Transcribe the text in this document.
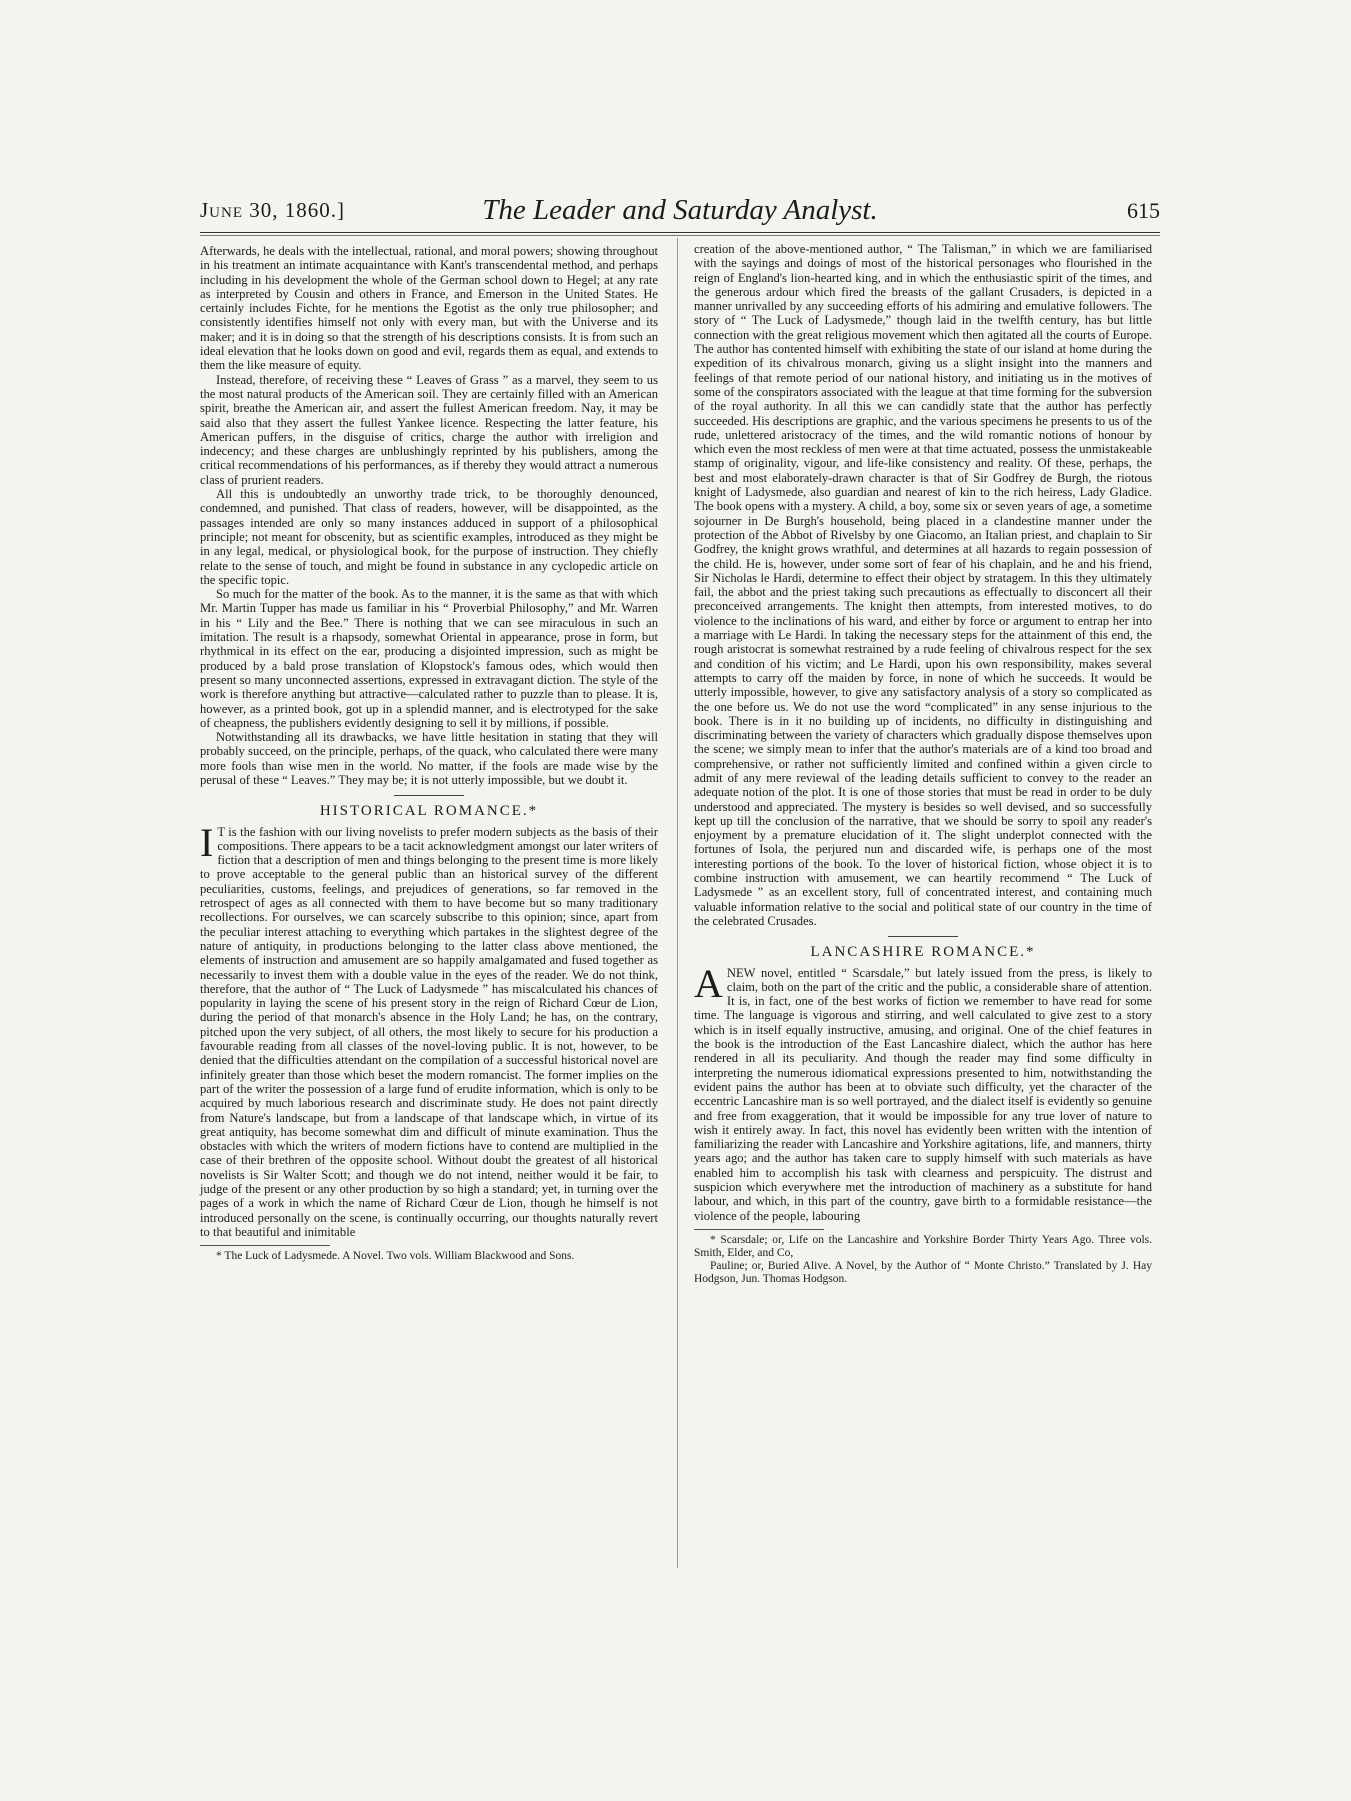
June 30, 1860.]	The Leader and Saturday Analyst.	615

Afterwards, he deals with the intellectual, rational, and moral powers; showing throughout in his treatment an intimate acquaintance with Kant's transcendental method, and perhaps including in his development the whole of the German school down to Hegel; at any rate as interpreted by Cousin and others in France, and Emerson in the United States. He certainly includes Fichte, for he mentions the Egotist as the only true philosopher; and consistently identifies himself not only with every man, but with the Universe and its maker; and it is in doing so that the strength of his descriptions consists. It is from such an ideal elevation that he looks down on good and evil, regards them as equal, and extends to them the like measure of equity.

Instead, therefore, of receiving these “ Leaves of Grass ” as a marvel, they seem to us the most natural products of the American soil. They are certainly filled with an American spirit, breathe the American air, and assert the fullest American freedom. Nay, it may be said also that they assert the fullest Yankee licence. Respecting the latter feature, his American puffers, in the disguise of critics, charge the author with irreligion and indecency; and these charges are unblushingly reprinted by his publishers, among the critical recommendations of his performances, as if thereby they would attract a numerous class of prurient readers.

All this is undoubtedly an unworthy trade trick, to be thoroughly denounced, condemned, and punished. That class of readers, however, will be disappointed, as the passages intended are only so many instances adduced in support of a philosophical principle; not meant for obscenity, but as scientific examples, introduced as they might be in any legal, medical, or physiological book, for the purpose of instruction. They chiefly relate to the sense of touch, and might be found in substance in any cyclopedic article on the specific topic.

So much for the matter of the book. As to the manner, it is the same as that with which Mr. Martin Tupper has made us familiar in his “ Proverbial Philosophy,” and Mr. Warren in his “ Lily and the Bee.” There is nothing that we can see miraculous in such an imitation. The result is a rhapsody, somewhat Oriental in appearance, prose in form, but rhythmical in its effect on the ear, producing a disjointed impression, such as might be produced by a bald prose translation of Klopstock's famous odes, which would then present so many unconnected assertions, expressed in extravagant diction. The style of the work is therefore anything but attractive—calculated rather to puzzle than to please. It is, however, as a printed book, got up in a splendid manner, and is electrotyped for the sake of cheapness, the publishers evidently designing to sell it by millions, if possible.

Notwithstanding all its drawbacks, we have little hesitation in stating that they will probably succeed, on the principle, perhaps, of the quack, who calculated there were many more fools than wise men in the world. No matter, if the fools are made wise by the perusal of these “ Leaves.” They may be; it is not utterly impossible, but we doubt it.

HISTORICAL ROMANCE.*

I T is the fashion with our living novelists to prefer modern subjects as the basis of their compositions. There appears to be a tacit acknowledgment amongst our later writers of fiction that a description of men and things belonging to the present time is more likely to prove acceptable to the general public than an historical survey of the different peculiarities, customs, feelings, and prejudices of generations, so far removed in the retrospect of ages as all connected with them to have become but so many traditionary recollections. For ourselves, we can scarcely subscribe to this opinion; since, apart from the peculiar interest attaching to everything which partakes in the slightest degree of the nature of antiquity, in productions belonging to the latter class above mentioned, the elements of instruction and amusement are so happily amalgamated and fused together as necessarily to invest them with a double value in the eyes of the reader. We do not think, therefore, that the author of “ The Luck of Ladysmede ” has miscalculated his chances of popularity in laying the scene of his present story in the reign of Richard Cœur de Lion, during the period of that monarch's absence in the Holy Land; he has, on the contrary, pitched upon the very subject, of all others, the most likely to secure for his production a favourable reading from all classes of the novel-loving public. It is not, however, to be denied that the difficulties attendant on the compilation of a successful historical novel are infinitely greater than those which beset the modern romancist. The former implies on the part of the writer the possession of a large fund of erudite information, which is only to be acquired by much laborious research and discriminate study. He does not paint directly from Nature's landscape, but from a landscape of that landscape which, in virtue of its great antiquity, has become somewhat dim and difficult of minute examination. Thus the obstacles with which the writers of modern fictions have to contend are multiplied in the case of their brethren of the opposite school. Without doubt the greatest of all historical novelists is Sir Walter Scott; and though we do not intend, neither would it be fair, to judge of the present or any other production by so high a standard; yet, in turning over the pages of a work in which the name of Richard Cœur de Lion, though he himself is not introduced personally on the scene, is continually occurring, our thoughts naturally revert to that beautiful and inimitable

* The Luck of Ladysmede. A Novel. Two vols. William Blackwood and Sons.

creation of the above-mentioned author, “ The Talisman,” in which we are familiarised with the sayings and doings of most of the historical personages who flourished in the reign of England's lion-hearted king, and in which the enthusiastic spirit of the times, and the generous ardour which fired the breasts of the gallant Crusaders, is depicted in a manner unrivalled by any succeeding efforts of his admiring and emulative followers. The story of “ The Luck of Ladysmede,” though laid in the twelfth century, has but little connection with the great religious movement which then agitated all the courts of Europe. The author has contented himself with exhibiting the state of our island at home during the expedition of its chivalrous monarch, giving us a slight insight into the manners and feelings of that remote period of our national history, and initiating us in the motives of some of the conspirators associated with the league at that time forming for the subversion of the royal authority. In all this we can candidly state that the author has perfectly succeeded. His descriptions are graphic, and the various specimens he presents to us of the rude, unlettered aristocracy of the times, and the wild romantic notions of honour by which even the most reckless of men were at that time actuated, possess the unmistakeable stamp of originality, vigour, and life-like consistency and reality. Of these, perhaps, the best and most elaborately-drawn character is that of Sir Godfrey de Burgh, the riotous knight of Ladysmede, also guardian and nearest of kin to the rich heiress, Lady Gladice. The book opens with a mystery. A child, a boy, some six or seven years of age, a sometime sojourner in De Burgh's household, being placed in a clandestine manner under the protection of the Abbot of Rivelsby by one Giacomo, an Italian priest, and chaplain to Sir Godfrey, the knight grows wrathful, and determines at all hazards to regain possession of the child. He is, however, under some sort of fear of his chaplain, and he and his friend, Sir Nicholas le Hardi, determine to effect their object by stratagem. In this they ultimately fail, the abbot and the priest taking such precautions as effectually to disconcert all their preconceived arrangements. The knight then attempts, from interested motives, to do violence to the inclinations of his ward, and either by force or argument to entrap her into a marriage with Le Hardi. In taking the necessary steps for the attainment of this end, the rough aristocrat is somewhat restrained by a rude feeling of chivalrous respect for the sex and condition of his victim; and Le Hardi, upon his own responsibility, makes several attempts to carry off the maiden by force, in none of which he succeeds. It would be utterly impossible, however, to give any satisfactory analysis of a story so complicated as the one before us. We do not use the word “complicated” in any sense injurious to the book. There is in it no building up of incidents, no difficulty in distinguishing and discriminating between the variety of characters which gradually dispose themselves upon the scene; we simply mean to infer that the author's materials are of a kind too broad and comprehensive, or rather not sufficiently limited and confined within a given circle to admit of any mere reviewal of the leading details sufficient to convey to the reader an adequate notion of the plot. It is one of those stories that must be read in order to be duly understood and appreciated. The mystery is besides so well devised, and so successfully kept up till the conclusion of the narrative, that we should be sorry to spoil any reader's enjoyment by a premature elucidation of it. The slight underplot connected with the fortunes of Isola, the perjured nun and discarded wife, is perhaps one of the most interesting portions of the book. To the lover of historical fiction, whose object it is to combine instruction with amusement, we can heartily recommend “ The Luck of Ladysmede ” as an excellent story, full of concentrated interest, and containing much valuable information relative to the social and political state of our country in the time of the celebrated Crusades.

LANCASHIRE ROMANCE.*

A NEW novel, entitled “ Scarsdale,” but lately issued from the press, is likely to claim, both on the part of the critic and the public, a considerable share of attention. It is, in fact, one of the best works of fiction we remember to have read for some time. The language is vigorous and stirring, and well calculated to give zest to a story which is in itself equally instructive, amusing, and original. One of the chief features in the book is the introduction of the East Lancashire dialect, which the author has here rendered in all its peculiarity. And though the reader may find some difficulty in interpreting the numerous idiomatical expressions presented to him, notwithstanding the evident pains the author has been at to obviate such difficulty, yet the character of the eccentric Lancashire man is so well portrayed, and the dialect itself is evidently so genuine and free from exaggeration, that it would be impossible for any true lover of nature to wish it entirely away. In fact, this novel has evidently been written with the intention of familiarizing the reader with Lancashire and Yorkshire agitations, life, and manners, thirty years ago; and the author has taken care to supply himself with such materials as have enabled him to accomplish his task with clearness and perspicuity. The distrust and suspicion which everywhere met the introduction of machinery as a substitute for hand labour, and which, in this part of the country, gave birth to a formidable resistance—the violence of the people, labouring

* Scarsdale; or, Life on the Lancashire and Yorkshire Border Thirty Years Ago. Three vols. Smith, Elder, and Co,

Pauline; or, Buried Alive. A Novel, by the Author of “ Monte Christo.” Translated by J. Hay Hodgson, Jun. Thomas Hodgson.
